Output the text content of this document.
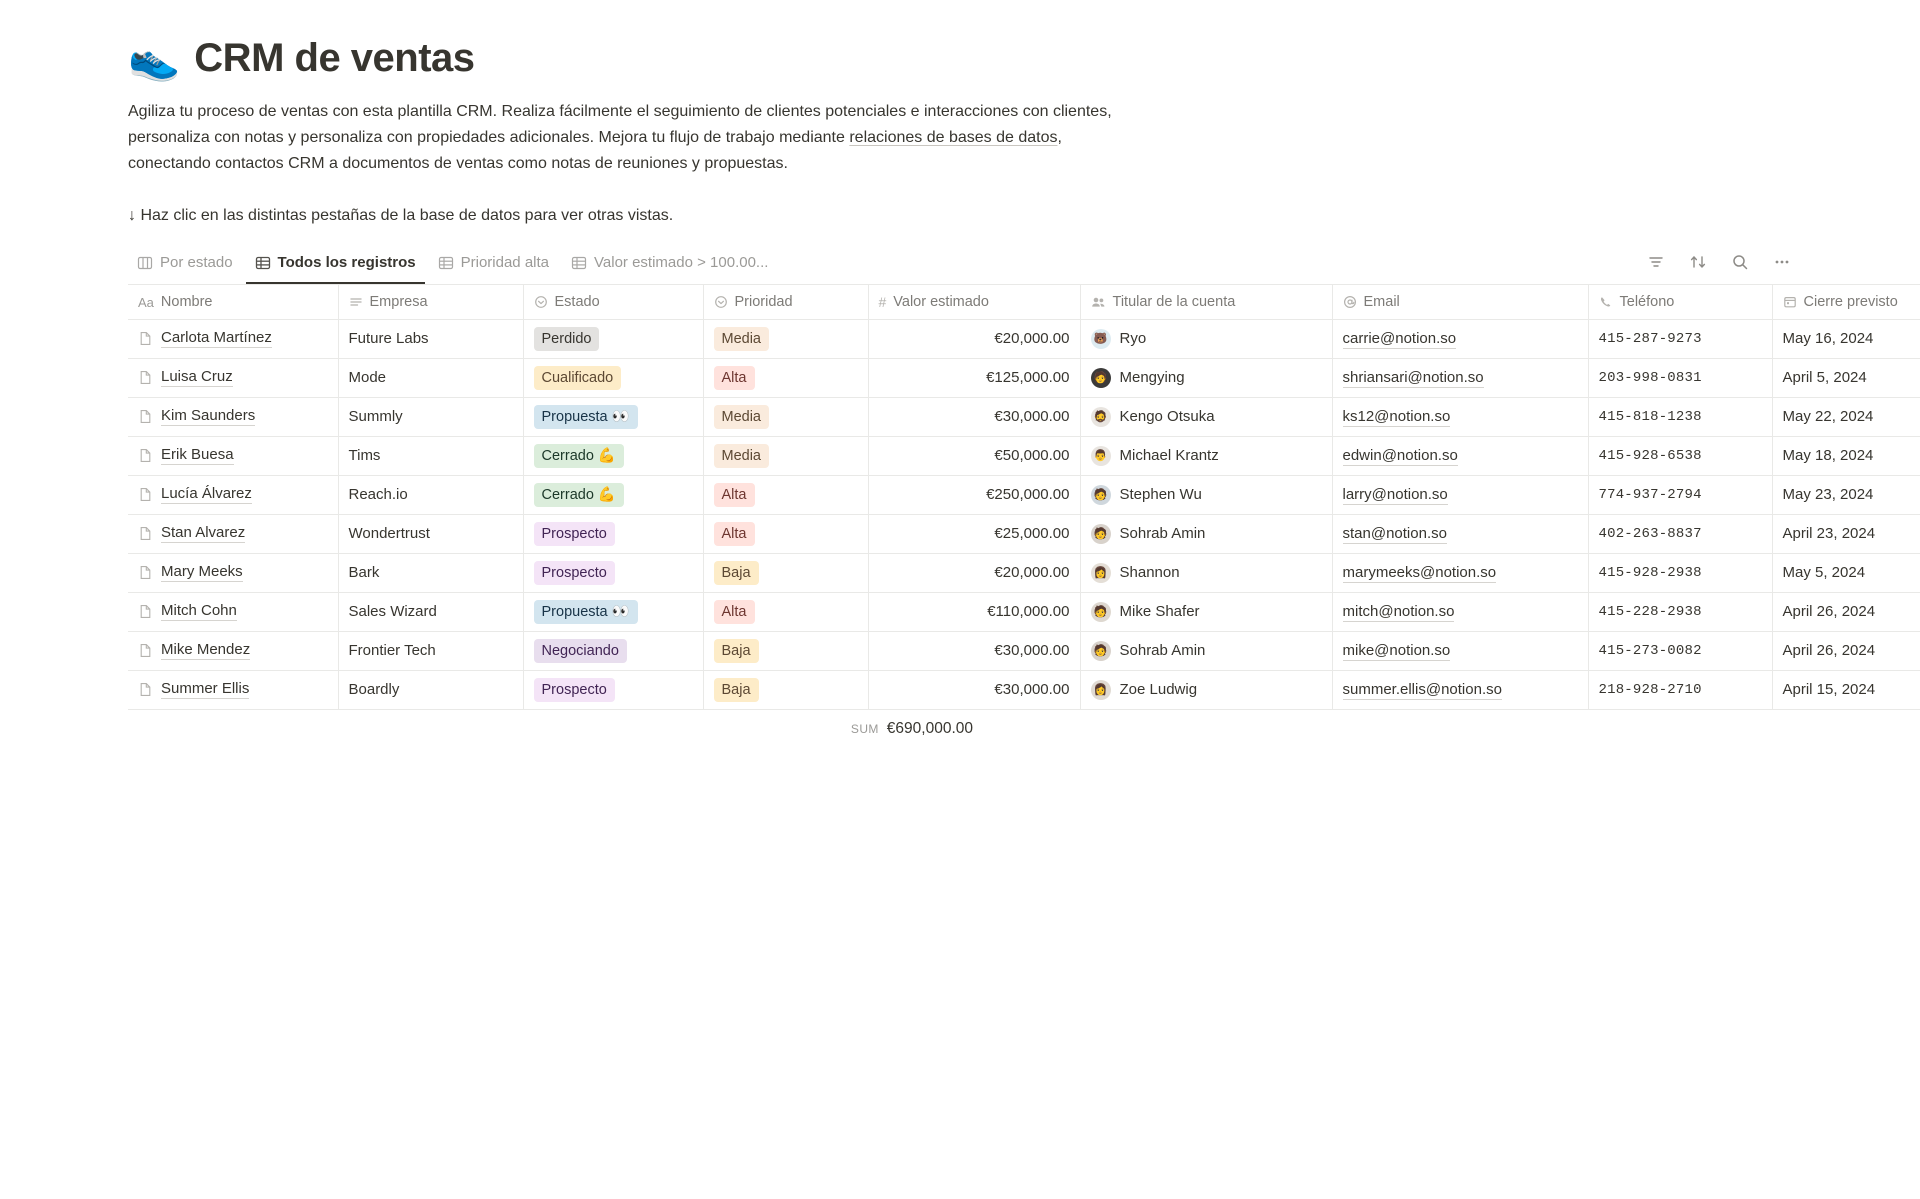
👟 CRM de ventas
Agiliza tu proceso de ventas con esta plantilla CRM. Realiza fácilmente el seguimiento de clientes potenciales e interacciones con clientes, personaliza con notas y personaliza con propiedades adicionales. Mejora tu flujo de trabajo mediante relaciones de bases de datos, conectando contactos CRM a documentos de ventas como notas de reuniones y propuestas.
↓ Haz clic en las distintas pestañas de la base de datos para ver otras vistas.
Por estado	Todos los registros	Prioridad alta	Valor estimado > 100.00...
Aa Nombre	Empresa	Estado	Prioridad	# Valor estimado	Titular de la cuenta	Email	Teléfono	Cierre previsto

Carlota Martínez	Future Labs	Perdido	Media	€20,000.00	🐻 Ryo	carrie@notion.so	415-287-9273	May 16, 2024

Luisa Cruz	Mode	Cualificado	Alta	€125,000.00	🧑 Mengying	shriansari@notion.so	203-998-0831	April 5, 2024

Kim Saunders	Summly	Propuesta 👀	Media	€30,000.00	🧔 Kengo Otsuka	ks12@notion.so	415-818-1238	May 22, 2024

Erik Buesa	Tims	Cerrado 💪	Media	€50,000.00	👨 Michael Krantz	edwin@notion.so	415-928-6538	May 18, 2024

Lucía Álvarez	Reach.io	Cerrado 💪	Alta	€250,000.00	🧑 Stephen Wu	larry@notion.so	774-937-2794	May 23, 2024

Stan Alvarez	Wondertrust	Prospecto	Alta	€25,000.00	🧑 Sohrab Amin	stan@notion.so	402-263-8837	April 23, 2024

Mary Meeks	Bark	Prospecto	Baja	€20,000.00	👩 Shannon	marymeeks@notion.so	415-928-2938	May 5, 2024

Mitch Cohn	Sales Wizard	Propuesta 👀	Alta	€110,000.00	🧑 Mike Shafer	mitch@notion.so	415-228-2938	April 26, 2024

Mike Mendez	Frontier Tech	Negociando	Baja	€30,000.00	🧑 Sohrab Amin	mike@notion.so	415-273-0082	April 26, 2024

Summer Ellis	Boardly	Prospecto	Baja	€30,000.00	👩 Zoe Ludwig	summer.ellis@notion.so	218-928-2710	April 15, 2024
SUM €690,000.00
